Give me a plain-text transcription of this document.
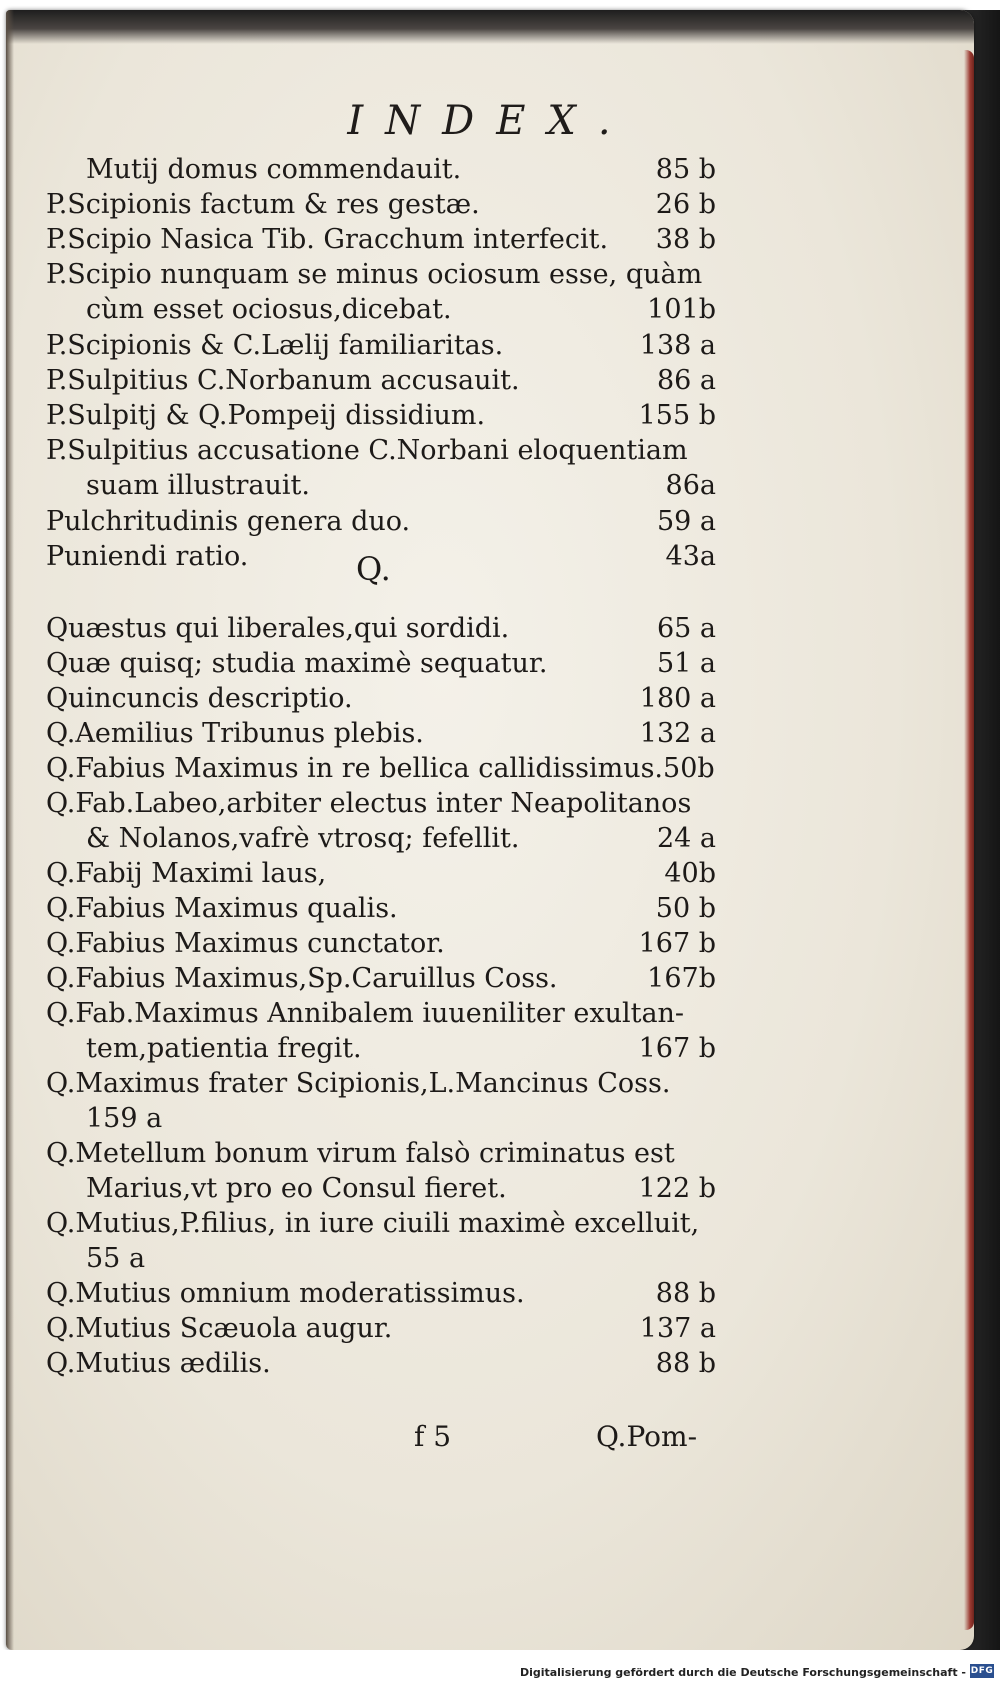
INDEX.
Mutij domus commendauit.	85 b
P.Scipionis factum & res gestæ.	26 b
P.Scipio Nasica Tib. Gracchum interfecit. 38 b
P.Scipio nunquam se minus ociosum esse, quàm
cùm esset ociosus,dicebat.	101b
P.Scipionis & C.Lælij familiaritas.	138 a
P.Sulpitius C.Norbanum accusauit.	86 a
P.Sulpitj & Q.Pompeij dissidium.	155 b
P.Sulpitius accusatione C.Norbani eloquentiam
suam illustrauit.	86a
Pulchritudinis genera duo.	59 a
Puniendi ratio.	43a
Quæstus qui liberales,qui sordidi.	65 a
Quæ quisq; studia maximè sequatur.	51 a
Quincuncis descriptio.	180 a
Q.Aemilius Tribunus plebis.	132 a
Q.Fabius Maximus in re bellica callidissimus.50b
Q.Fab.Labeo,arbiter electus inter Neapolitanos
& Nolanos,vafrè vtrosq; fefellit.	24 a
Q.Fabij Maximi laus,	40b
Q.Fabius Maximus qualis.	50 b
Q.Fabius Maximus cunctator.	167 b
Q.Fabius Maximus,Sp.Caruillus Coss.	167b
Q.Fab.Maximus Annibalem iuueniliter exultan-
tem,patientia fregit.	167 b
Q.Maximus frater Scipionis,L.Mancinus Coss.
159 a
Q.Metellum bonum virum falsò criminatus est
Marius,vt pro eo Consul fieret.	122 b
Q.Mutius,P.filius, in iure ciuili maximè excelluit,
55 a
Q.Mutius omnium moderatissimus.	88 b
Q.Mutius Scæuola augur.	137 a
Q.Mutius ædilis.	88 b
Q.
f 5	Q.Pom-
Digitalisierung gefördert durch die Deutsche Forschungsgemeinschaft - DFG
